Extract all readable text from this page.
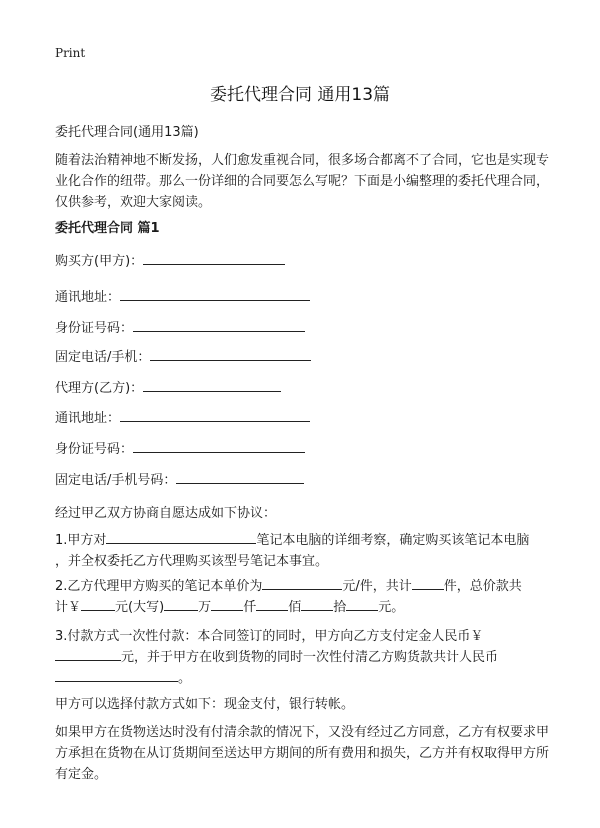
Print
委托代理合同 通用13篇
委托代理合同(通用13篇)
随着法治精神地不断发扬，人们愈发重视合同，很多场合都离不了合同，它也是实现专业化合作的纽带。那么一份详细的合同要怎么写呢？下面是小编整理的委托代理合同，仅供参考，欢迎大家阅读。
委托代理合同 篇1
购买方(甲方)：
通讯地址：
身份证号码：
固定电话/手机：
代理方(乙方)：
通讯地址：
身份证号码：
固定电话/手机号码：
经过甲乙双方协商自愿达成如下协议：
1.甲方对	笔记本电脑的详细考察，确定购买该笔记本电脑
，并全权委托乙方代理购买该型号笔记本事宜。
2.乙方代理甲方购买的笔记本单价为	元/件，共计 件，总价款共
计￥	元(大写)	万 仟 佰 拾 元。
3.付款方式一次性付款：本合同签订的同时，甲方向乙方支付定金人民币￥
元，并于甲方在收到货物的同时一次性付清乙方购货款共计人民币
。
甲方可以选择付款方式如下：现金支付，银行转帐。
如果甲方在货物送达时没有付清余款的情况下，又没有经过乙方同意，乙方有权要求甲方承担在货物在从订货期间至送达甲方期间的所有费用和损失，乙方并有权取得甲方所有定金。
